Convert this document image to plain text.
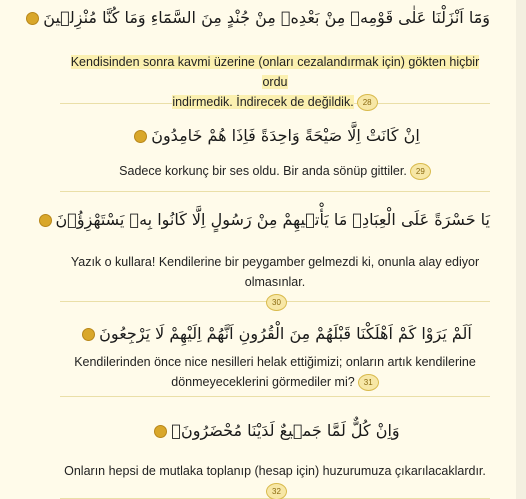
وَمَٓا اَنْزَلْنَا عَلٰى قَوْمِه۪ مِنْ بَعْدِه۪ مِنْ جُنْدٍ مِنَ السَّمَٓاءِ وَمَا كُنَّا مُنْزِل۪ينَ
Kendisinden sonra kavmi üzerine (onları cezalandırmak için) gökten hiçbir ordu
indirmedik. İndirecek de değildik. 28
اِنْ كَانَتْ اِلَّا صَيْحَةً وَاحِدَةً فَاِذَا هُمْ خَامِدُونَ
Sadece korkunç bir ses oldu. Bir anda sönüp gittiler. 29
يَا حَسْرَةً عَلَى الْعِبَادِۚ مَا يَأْت۪يهِمْ مِنْ رَسُولٍ اِلَّا كَانُوا بِه۪ يَسْتَهْزِؤُ۫نَ
Yazık o kullara! Kendilerine bir peygamber gelmezdi ki, onunla alay ediyor olmasınlar.
30
اَلَمْ يَرَوْا كَمْ اَهْلَكْنَا قَبْلَهُمْ مِنَ الْقُرُونِ اَنَّهُمْ اِلَيْهِمْ لَا يَرْجِعُونَ
Kendilerinden önce nice nesilleri helak ettiğimizi; onların artık kendilerine
dönmeyeceklerini görmediler mi? 31
وَاِنْ كُلٌّ لَمَّا جَم۪يعٌ لَدَيْنَا مُحْضَرُونَ۟
Onların hepsi de mutlaka toplanıp (hesap için) huzurumuza çıkarılacaklardır.32
